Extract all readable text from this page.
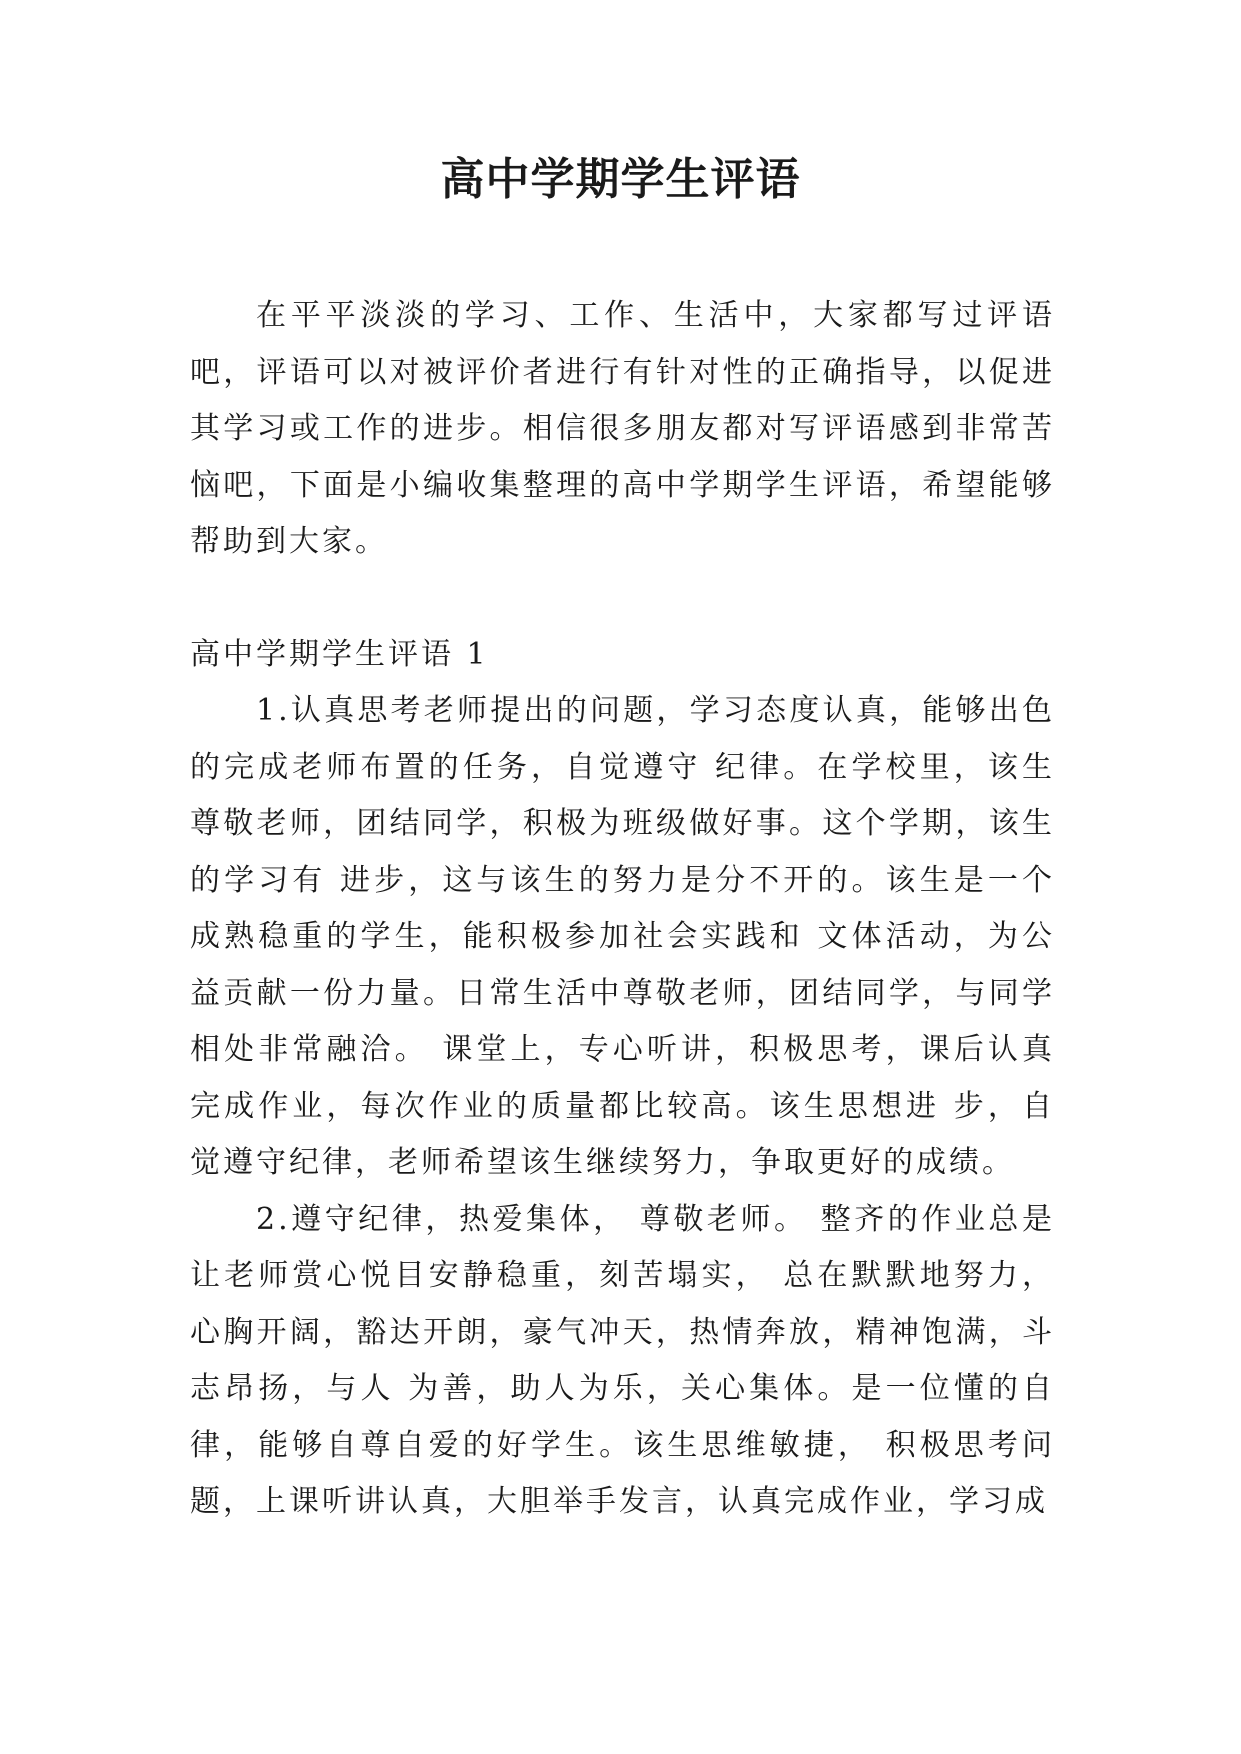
高中学期学生评语

在平平淡淡的学习、工作、生活中，大家都写过评语吧，评语可以对被评价者进行有针对性的正确指导，以促进其学习或工作的进步。相信很多朋友都对写评语感到非常苦恼吧，下面是小编收集整理的高中学期学生评语，希望能够帮助到大家。

高中学期学生评语 1

1.认真思考老师提出的问题，学习态度认真，能够出色的完成老师布置的任务，自觉遵守 纪律。在学校里，该生尊敬老师，团结同学，积极为班级做好事。这个学期，该生的学习有 进步，这与该生的努力是分不开的。该生是一个成熟稳重的学生，能积极参加社会实践和 文体活动，为公益贡献一份力量。日常生活中尊敬老师，团结同学，与同学相处非常融洽。 课堂上，专心听讲，积极思考，课后认真完成作业，每次作业的质量都比较高。该生思想进 步，自觉遵守纪律，老师希望该生继续努力，争取更好的成绩。

2.遵守纪律，热爱集体， 尊敬老师。 整齐的作业总是让老师赏心悦目安静稳重，刻苦塌实， 总在默默地努力，心胸开阔，豁达开朗，豪气冲天，热情奔放，精神饱满，斗志昂扬，与人 为善，助人为乐，关心集体。是一位懂的自律，能够自尊自爱的好学生。该生思维敏捷， 积极思考问题，上课听讲认真，大胆举手发言，认真完成作业，学习成
